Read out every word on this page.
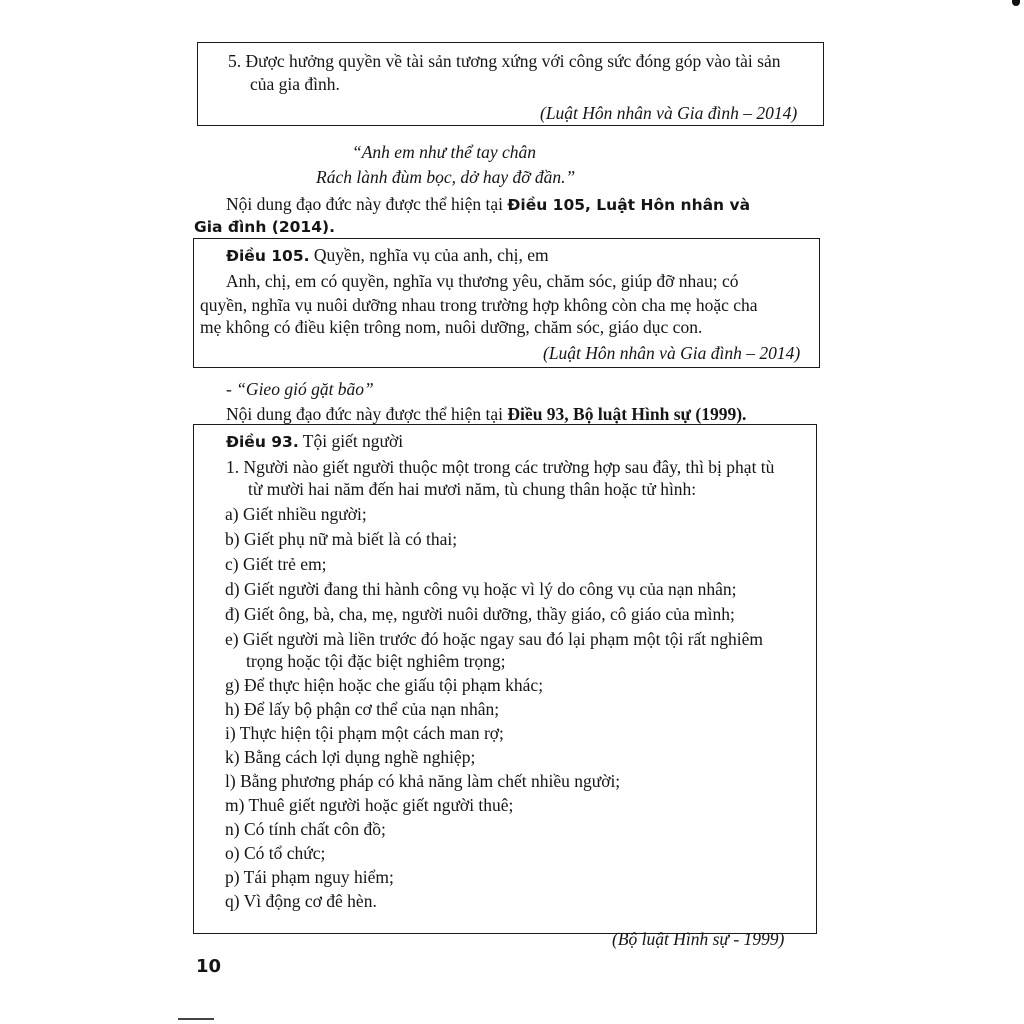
5. Được hưởng quyền về tài sản tương xứng với công sức đóng góp vào tài sản
của gia đình.
(Luật Hôn nhân và Gia đình – 2014)
“Anh em như thể tay chân
Rách lành đùm bọc, dở hay đỡ đần.”
Nội dung đạo đức này được thể hiện tại Điều 105, Luật Hôn nhân và
Gia đình (2014).
Điều 105. Quyền, nghĩa vụ của anh, chị, em
Anh, chị, em có quyền, nghĩa vụ thương yêu, chăm sóc, giúp đỡ nhau; có
quyền, nghĩa vụ nuôi dưỡng nhau trong trường hợp không còn cha mẹ hoặc cha
mẹ không có điều kiện trông nom, nuôi dưỡng, chăm sóc, giáo dục con.
(Luật Hôn nhân và Gia đình – 2014)
- “Gieo gió gặt bão”
Nội dung đạo đức này được thể hiện tại Điều 93, Bộ luật Hình sự (1999).
Điều 93. Tội giết người
1. Người nào giết người thuộc một trong các trường hợp sau đây, thì bị phạt tù
từ mười hai năm đến hai mươi năm, tù chung thân hoặc tử hình:
a) Giết nhiều người;
b) Giết phụ nữ mà biết là có thai;
c) Giết trẻ em;
d) Giết người đang thi hành công vụ hoặc vì lý do công vụ của nạn nhân;
đ) Giết ông, bà, cha, mẹ, người nuôi dưỡng, thầy giáo, cô giáo của mình;
e) Giết người mà liền trước đó hoặc ngay sau đó lại phạm một tội rất nghiêm
trọng hoặc tội đặc biệt nghiêm trọng;
g) Để thực hiện hoặc che giấu tội phạm khác;
h) Để lấy bộ phận cơ thể của nạn nhân;
i) Thực hiện tội phạm một cách man rợ;
k) Bằng cách lợi dụng nghề nghiệp;
l) Bằng phương pháp có khả năng làm chết nhiều người;
m) Thuê giết người hoặc giết người thuê;
n) Có tính chất côn đồ;
o) Có tổ chức;
p) Tái phạm nguy hiểm;
q) Vì động cơ đê hèn.
(Bộ luật Hình sự - 1999)
10
